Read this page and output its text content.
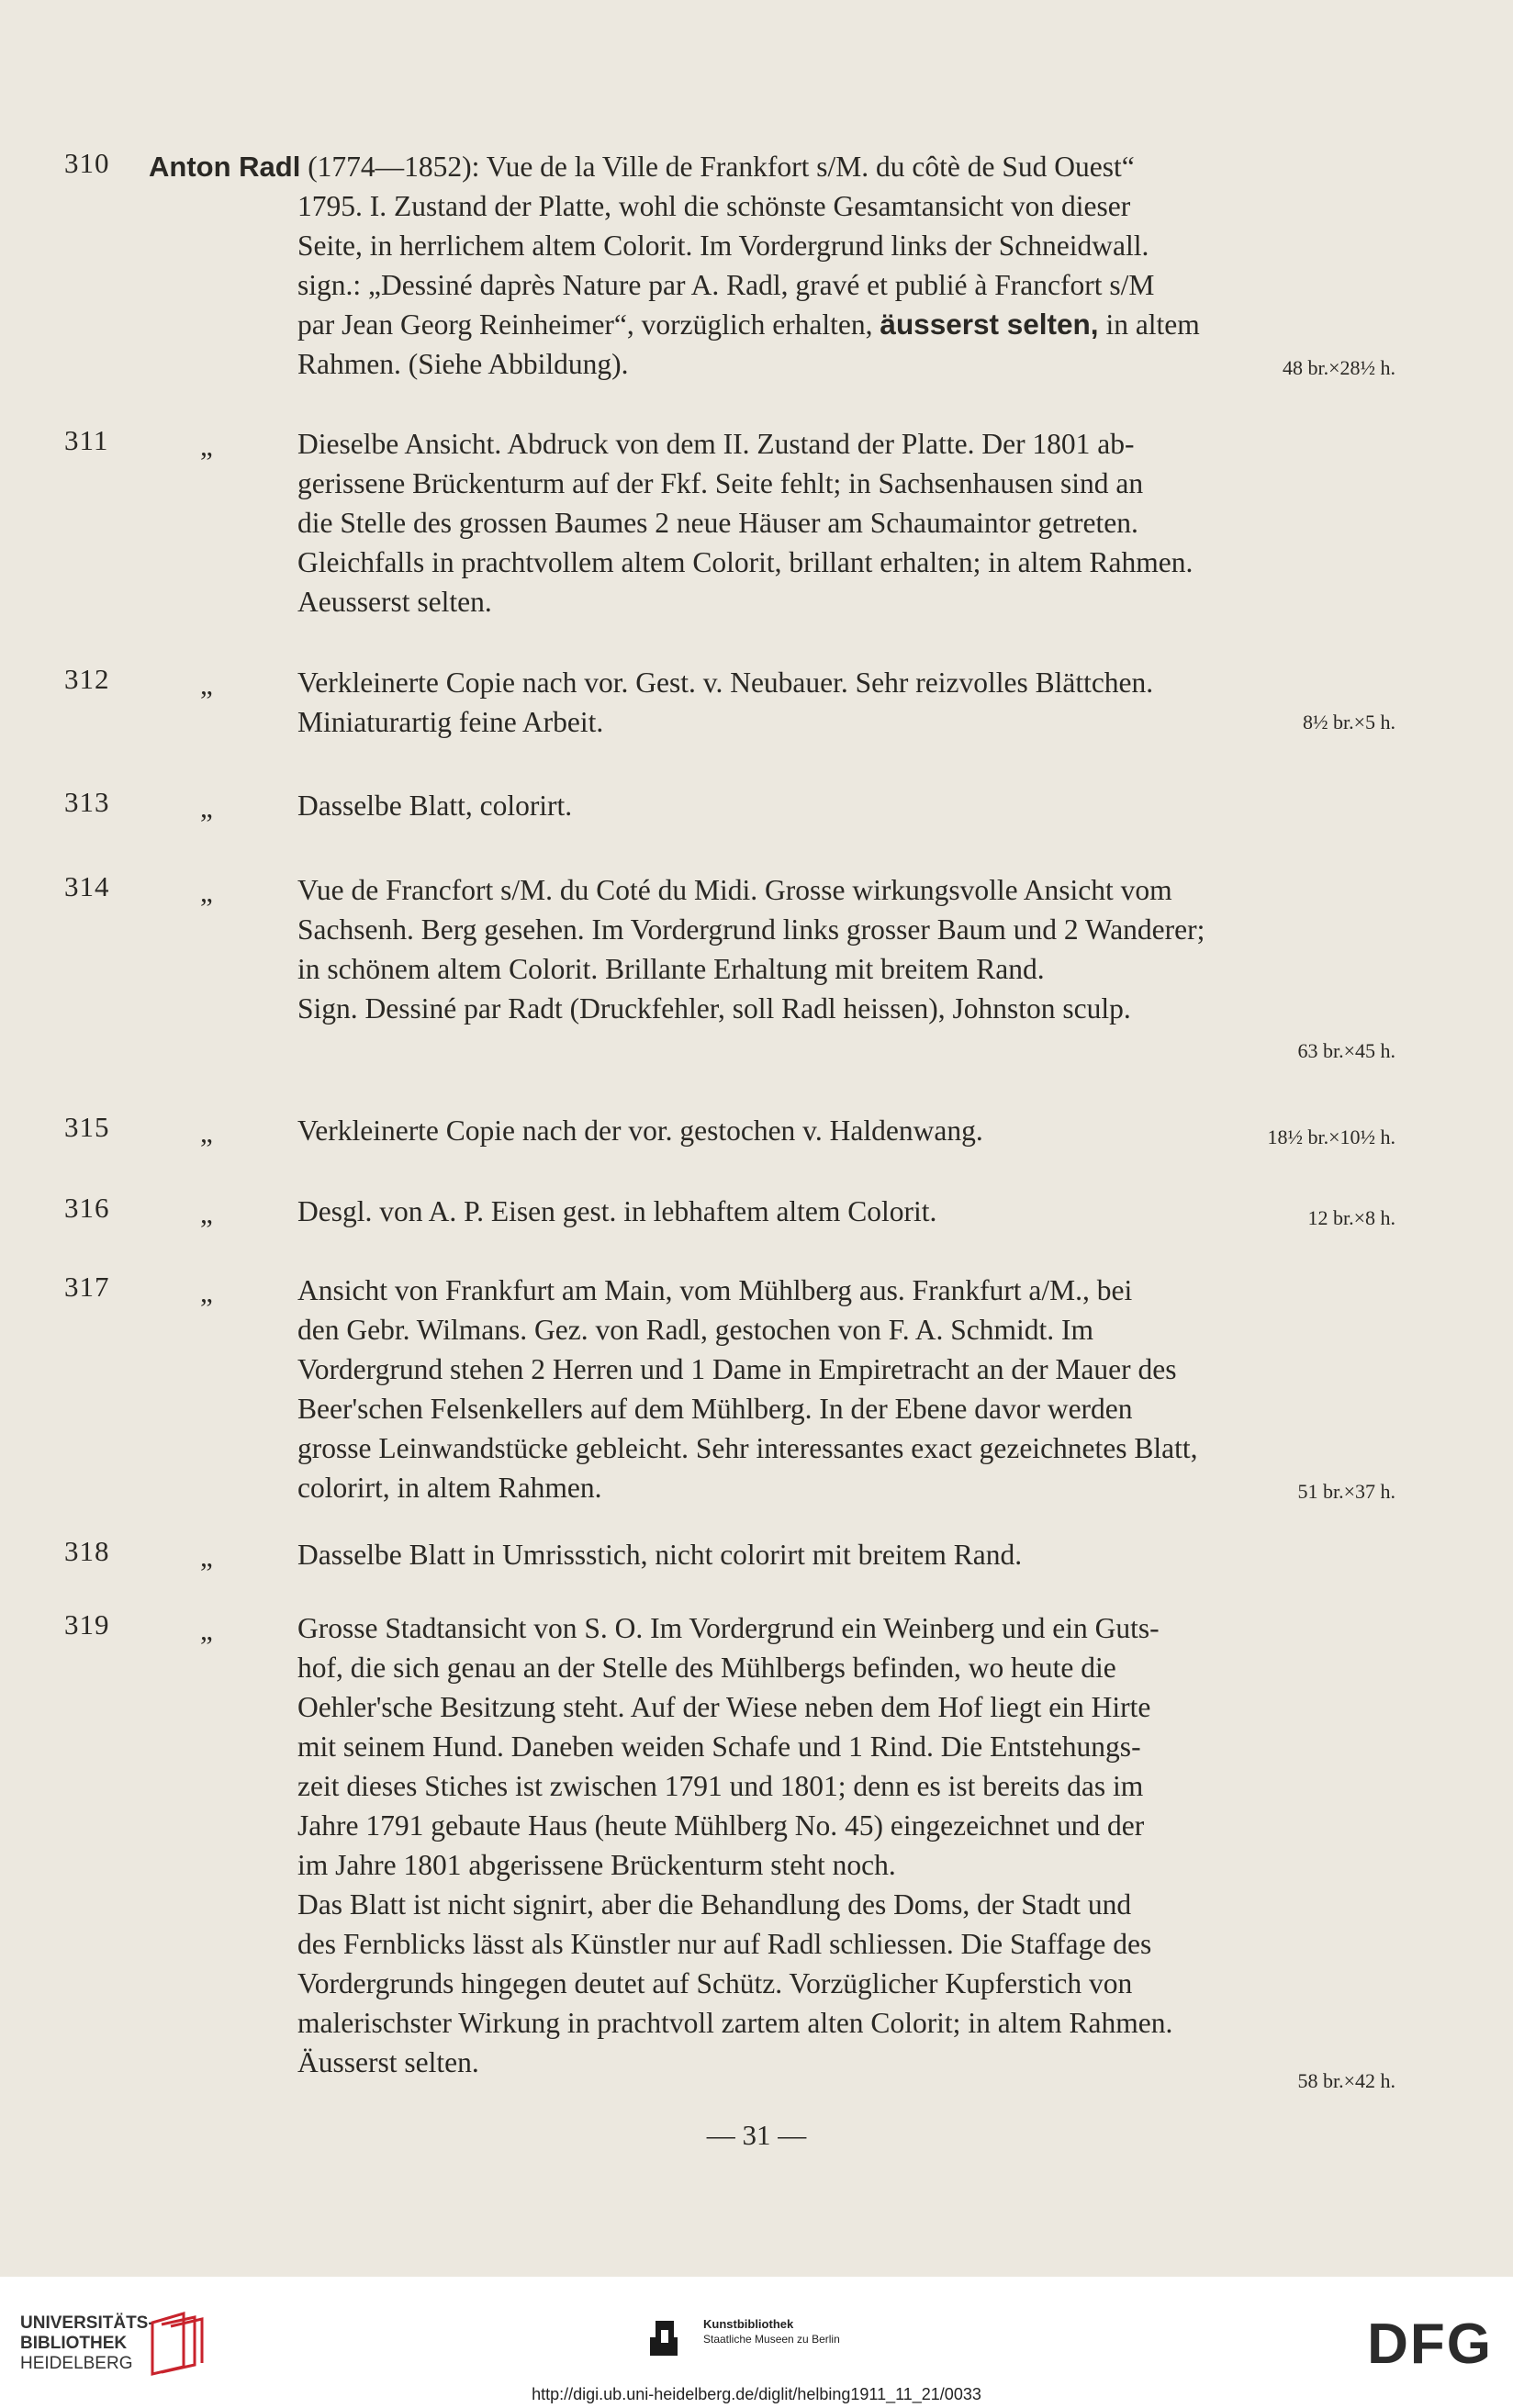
310 Anton Radl (1774—1852): Vue de la Ville de Frankfort s/M. du côtè de Sud Ouest“
1795. I. Zustand der Platte, wohl die schönste Gesamtansicht von dieser
Seite, in herrlichem altem Colorit. Im Vordergrund links der Schneidwall.
sign.: „Dessiné daprès Nature par A. Radl, gravé et publié à Francfort s/M
par Jean Georg Reinheimer“, vorzüglich erhalten, äusserst selten, in altem
Rahmen. (Siehe Abbildung).	48 br.×28½ h.
311	„	Dieselbe Ansicht. Abdruck von dem II. Zustand der Platte. Der 1801 ab-
gerissene Brückenturm auf der Fkf. Seite fehlt; in Sachsenhausen sind an
die Stelle des grossen Baumes 2 neue Häuser am Schaumaintor getreten.
Gleichfalls in prachtvollem altem Colorit, brillant erhalten; in altem Rahmen.
Aeusserst selten.
312	„	Verkleinerte Copie nach vor. Gest. v. Neubauer. Sehr reizvolles Blättchen.
Miniaturartig feine Arbeit.	8½ br.×5 h.
313	„	Dasselbe Blatt, colorirt.
314	„	Vue de Francfort s/M. du Coté du Midi. Grosse wirkungsvolle Ansicht vom
Sachsenh. Berg gesehen. Im Vordergrund links grosser Baum und 2 Wanderer;
in schönem altem Colorit. Brillante Erhaltung mit breitem Rand.
Sign. Dessiné par Radt (Druckfehler, soll Radl heissen), Johnston sculp.
63 br.×45 h.
315	„	Verkleinerte Copie nach der vor. gestochen v. Haldenwang.	18½ br.×10½ h.
316	„	Desgl. von A. P. Eisen gest. in lebhaftem altem Colorit.	12 br.×8 h.
317	„	Ansicht von Frankfurt am Main, vom Mühlberg aus. Frankfurt a/M., bei
den Gebr. Wilmans. Gez. von Radl, gestochen von F. A. Schmidt. Im
Vordergrund stehen 2 Herren und 1 Dame in Empiretracht an der Mauer des
Beer'schen Felsenkellers auf dem Mühlberg. In der Ebene davor werden
grosse Leinwandstücke gebleicht. Sehr interessantes exact gezeichnetes Blatt,
colorirt, in altem Rahmen.	51 br.×37 h.
318	„	Dasselbe Blatt in Umrissstich, nicht colorirt mit breitem Rand.
319	„	Grosse Stadtansicht von S. O. Im Vordergrund ein Weinberg und ein Guts-
hof, die sich genau an der Stelle des Mühlbergs befinden, wo heute die
Oehler'sche Besitzung steht. Auf der Wiese neben dem Hof liegt ein Hirte
mit seinem Hund. Daneben weiden Schafe und 1 Rind. Die Entstehungs-
zeit dieses Stiches ist zwischen 1791 und 1801; denn es ist bereits das im
Jahre 1791 gebaute Haus (heute Mühlberg No. 45) eingezeichnet und der
im Jahre 1801 abgerissene Brückenturm steht noch.
Das Blatt ist nicht signirt, aber die Behandlung des Doms, der Stadt und
des Fernblicks lässt als Künstler nur auf Radl schliessen. Die Staffage des
Vordergrunds hingegen deutet auf Schütz. Vorzüglicher Kupferstich von
malerischster Wirkung in prachtvoll zartem alten Colorit; in altem Rahmen.
Äusserst selten.
58 br.×42 h.
— 31 —
UNIVERSITÄTS-
BIBLIOTHEK
HEIDELBERG
Kunstbibliothek
Staatliche Museen zu Berlin	DFG
http://digi.ub.uni-heidelberg.de/diglit/helbing1911_11_21/0033
